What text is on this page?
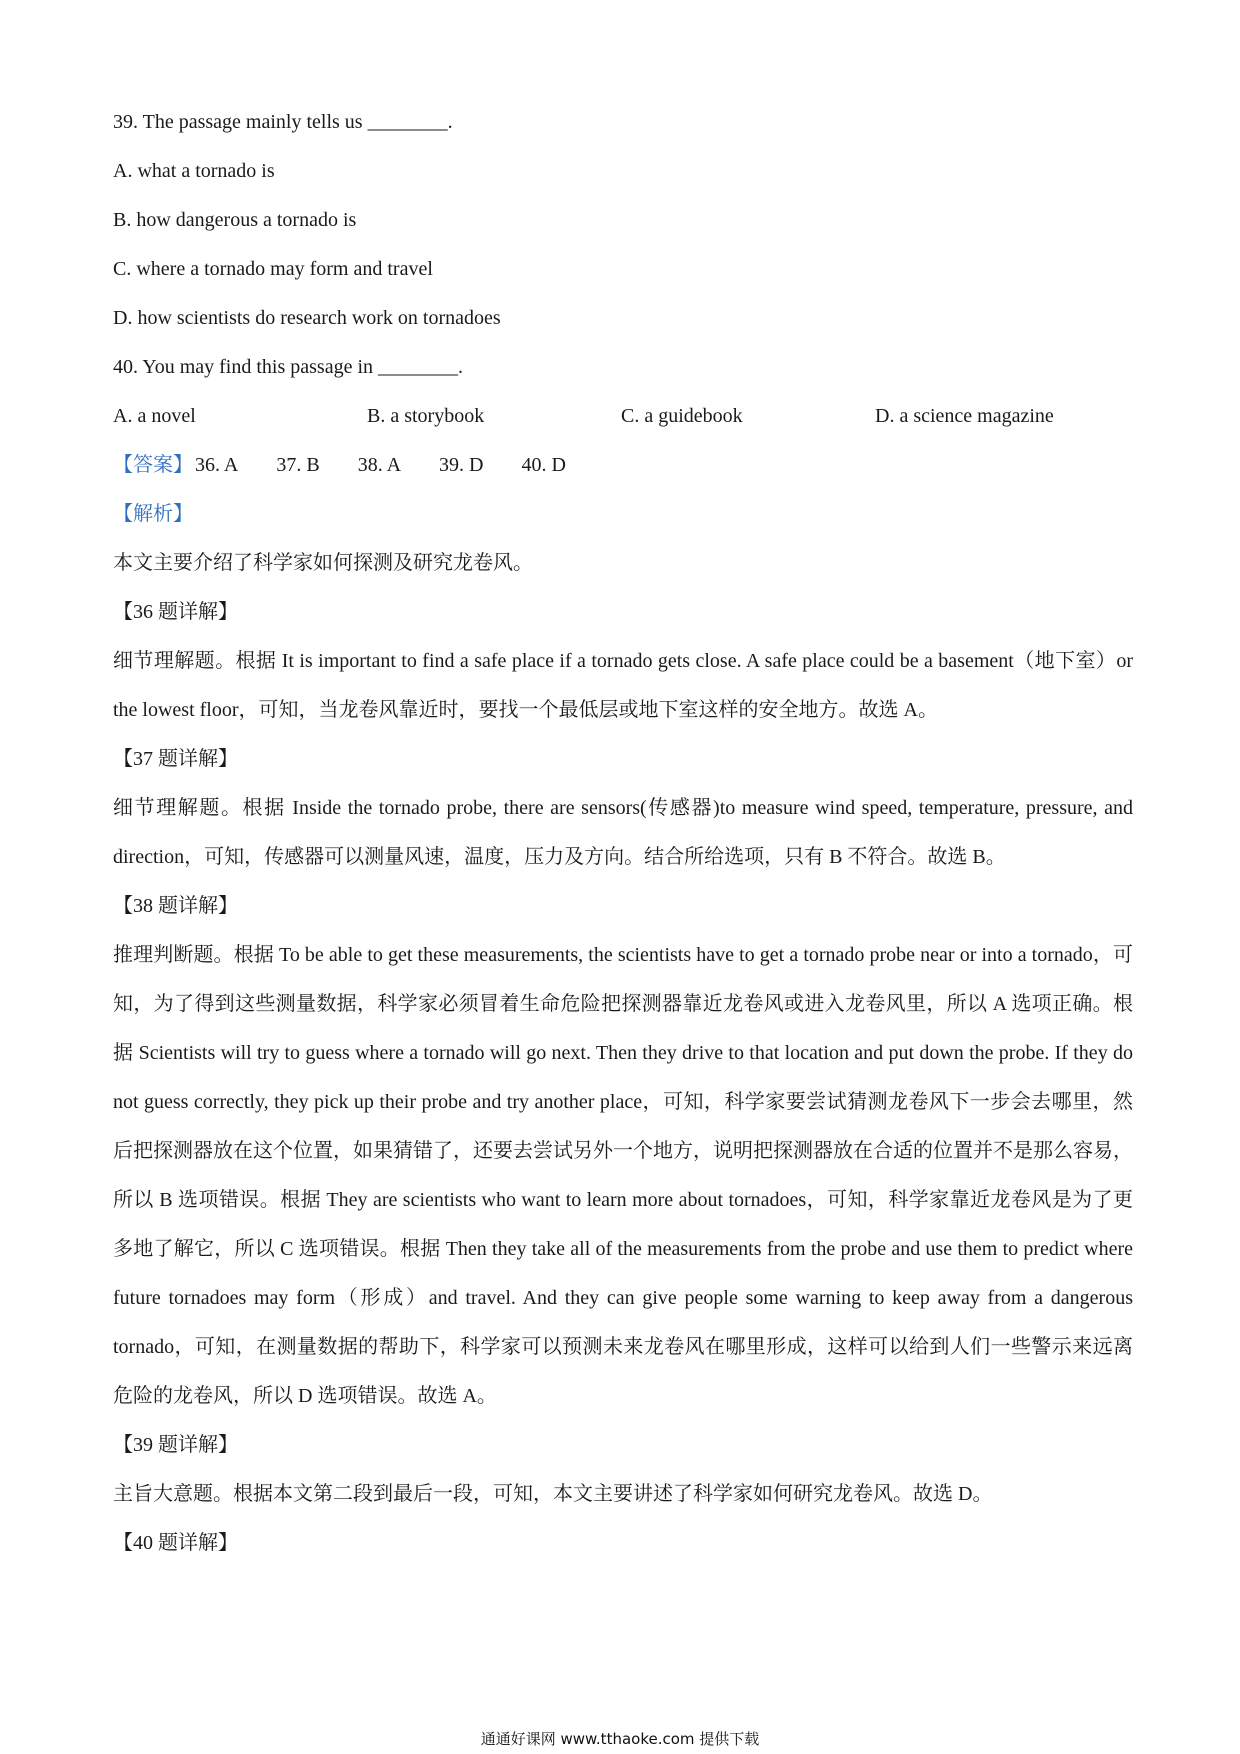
39. The passage mainly tells us ________.
A. what a tornado is
B. how dangerous a tornado is
C. where a tornado may form and travel
D. how scientists do research work on tornadoes
40. You may find this passage in ________.
A. a novel	B. a storybook	C. a guidebook	D. a science magazine
【答案】 36. A 37. B 38. A 39. D 40. D
【解析】
本文主要介绍了科学家如何探测及研究龙卷风。
【36 题详解】
细节理解题。根据 It is important to find a safe place if a tornado gets close. A safe place could be a basement（地下室）or the lowest floor，可知，当龙卷风靠近时，要找一个最低层或地下室这样的安全地方。故选 A。
【37 题详解】
细节理解题。根据 Inside the tornado probe, there are sensors(传感器)to measure wind speed, temperature, pressure, and direction，可知，传感器可以测量风速，温度，压力及方向。结合所给选项，只有 B 不符合。故选 B。
【38 题详解】
推理判断题。根据 To be able to get these measurements, the scientists have to get a tornado probe near or into a tornado，可知，为了得到这些测量数据，科学家必须冒着生命危险把探测器靠近龙卷风或进入龙卷风里，所以 A 选项正确。根据 Scientists will try to guess where a tornado will go next. Then they drive to that location and put down the probe. If they do not guess correctly, they pick up their probe and try another place，可知，科学家要尝试猜测龙卷风下一步会去哪里，然后把探测器放在这个位置，如果猜错了，还要去尝试另外一个地方，说明把探测器放在合适的位置并不是那么容易，所以 B 选项错误。根据 They are scientists who want to learn more about tornadoes，可知，科学家靠近龙卷风是为了更多地了解它，所以 C 选项错误。根据 Then they take all of the measurements from the probe and use them to predict where future tornadoes may form（形成）and travel. And they can give people some warning to keep away from a dangerous tornado，可知，在测量数据的帮助下，科学家可以预测未来龙卷风在哪里形成，这样可以给到人们一些警示来远离危险的龙卷风，所以 D 选项错误。故选 A。
【39 题详解】
主旨大意题。根据本文第二段到最后一段，可知，本文主要讲述了科学家如何研究龙卷风。故选 D。
【40 题详解】
通通好课网 www.tthaoke.com 提供下载
